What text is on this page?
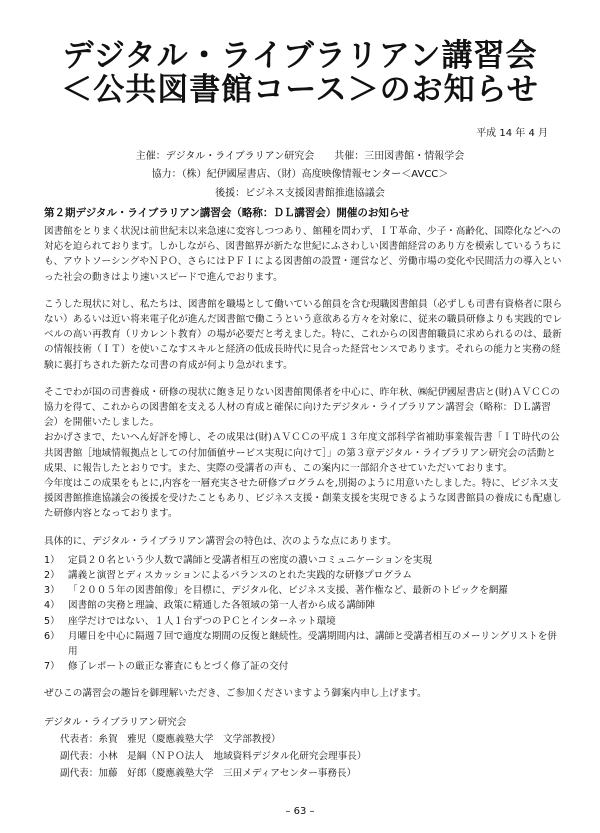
デジタル・ライブラリアン講習会
＜公共図書館コース＞のお知らせ
平成 14 年 4 月
主催：デジタル・ライブラリアン研究会　　共催：三田図書館・情報学会
協力：（株）紀伊國屋書店、（財）高度映像情報センター＜AVCC＞
後援：ビジネス支援図書館推進協議会
第２期デジタル・ライブラリアン講習会（略称：ＤＬ講習会）開催のお知らせ

図書館をとりまく状況は前世紀末以来急速に変容しつつあり、館種を問わず、ＩＴ革命、少子・高齢化、国際化などへの対応を迫られております。しかしながら、図書館界が新たな世紀にふさわしい図書館経営のあり方を模索しているうちにも、アウトソーシングやＮＰＯ、さらにはＰＦＩによる図書館の設置・運営など、労働市場の変化や民間活力の導入といった社会の動きはより速いスピードで進んでおります。

こうした現状に対し、私たちは、図書館を職場として働いている館員を含む現職図書館員（必ずしも司書有資格者に限らない）あるいは近い将来電子化が進んだ図書館で働こうという意欲ある方々を対象に、従来の職員研修よりも実践的でレベルの高い再教育（リカレント教育）の場が必要だと考えました。特に、これからの図書館職員に求められるのは、最新の情報技術（ＩＴ）を使いこなすスキルと経済の低成長時代に見合った経営センスであります。それらの能力と実務の経験に裏打ちされた新たな司書の育成が何より急がれます。

そこでわが国の司書養成・研修の現状に飽き足りない図書館関係者を中心に、昨年秋、㈱紀伊國屋書店と(財)ＡＶＣＣの協力を得て、これからの図書館を支える人材の育成と確保に向けたデジタル・ライブラリアン講習会（略称：ＤＬ講習会）を開催いたしました。

おかげさまで、たいへん好評を博し、その成果は(財)ＡＶＣＣの平成１３年度文部科学省補助事業報告書「ＩＴ時代の公共図書館［地域情報拠点としての付加価値サービス実現に向けて］」の第３章デジタル・ライブラリアン研究会の活動と成果、に報告したとおりです。また、実際の受講者の声も、この案内に一部紹介させていただいております。

今年度はこの成果をもとに,内容を一層充実させた研修プログラムを,別掲のように用意いたしました。特に、ビジネス支援図書館推進協議会の後援を受けたこともあり、ビジネス支援・創業支援を実現できるような図書館員の養成にも配慮した研修内容となっております。

具体的に、デジタル・ライブラリアン講習会の特色は、次のような点にあります。

1） 定員２０名という少人数で講師と受講者相互の密度の濃いコミュニケーションを実現
2） 講義と演習とディスカッションによるバランスのとれた実践的な研修プログラム
3） 「２００５年の図書館像」を目標に、デジタル化、ビジネス支援、著作権など、最新のトピックを網羅
4） 図書館の実務と理論、政策に精通した各領域の第一人者から成る講師陣
5） 座学だけではない、１人１台ずつのＰＣとインターネット環境
6） 月曜日を中心に隔週７回で適度な期間の反復と継続性。受講期間内は、講師と受講者相互のメーリングリストを併用
7） 修了レポートの厳正な審査にもとづく修了証の交付

ぜひこの講習会の趣旨を御理解いただき、ご参加くださいますよう御案内申し上げます。

デジタル・ライブラリアン研究会
代表者：糸賀　雅児（慶應義塾大学　文学部教授）
副代表：小林　是綱（ＮＰＯ法人　地域資料デジタル化研究会理事長）
副代表：加藤　好郎（慶應義塾大学　三田メディアセンター事務長）
– 63 –
